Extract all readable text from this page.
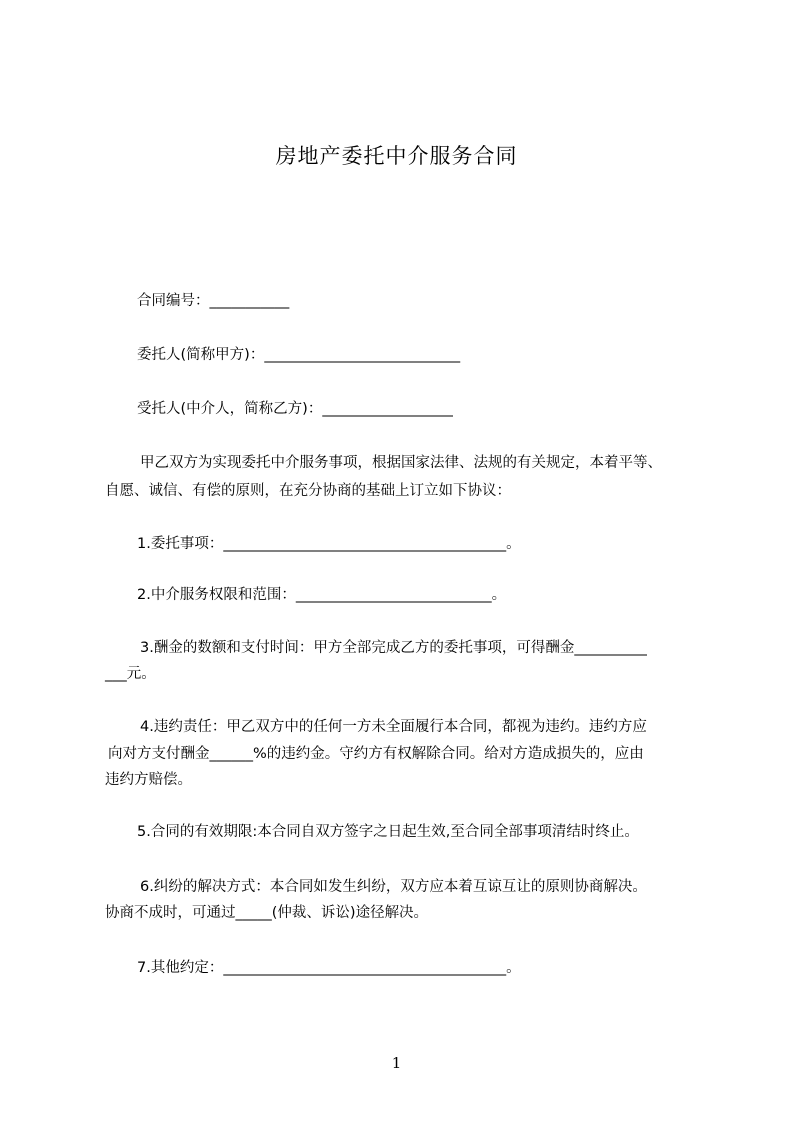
房地产委托中介服务合同
合同编号：___________
委托人(简称甲方)：___________________________
受托人(中介人，简称乙方)：__________________
甲乙双方为实现委托中介服务事项，根据国家法律、法规的有关规定，本着平等、
自愿、诚信、有偿的原则，在充分协商的基础上订立如下协议：
1.委托事项：_______________________________________。
2.中介服务权限和范围：___________________________。
3.酬金的数额和支付时间：甲方全部完成乙方的委托事项，可得酬金__________
___元。
4.违约责任：甲乙双方中的任何一方未全面履行本合同，都视为违约。违约方应
向对方支付酬金______%的违约金。守约方有权解除合同。给对方造成损失的，应由
违约方赔偿。
5.合同的有效期限:本合同自双方签字之日起生效,至合同全部事项清结时终止。
6.纠纷的解决方式：本合同如发生纠纷，双方应本着互谅互让的原则协商解决。
协商不成时，可通过_____(仲裁、诉讼)途径解决。
7.其他约定：_______________________________________。
1
